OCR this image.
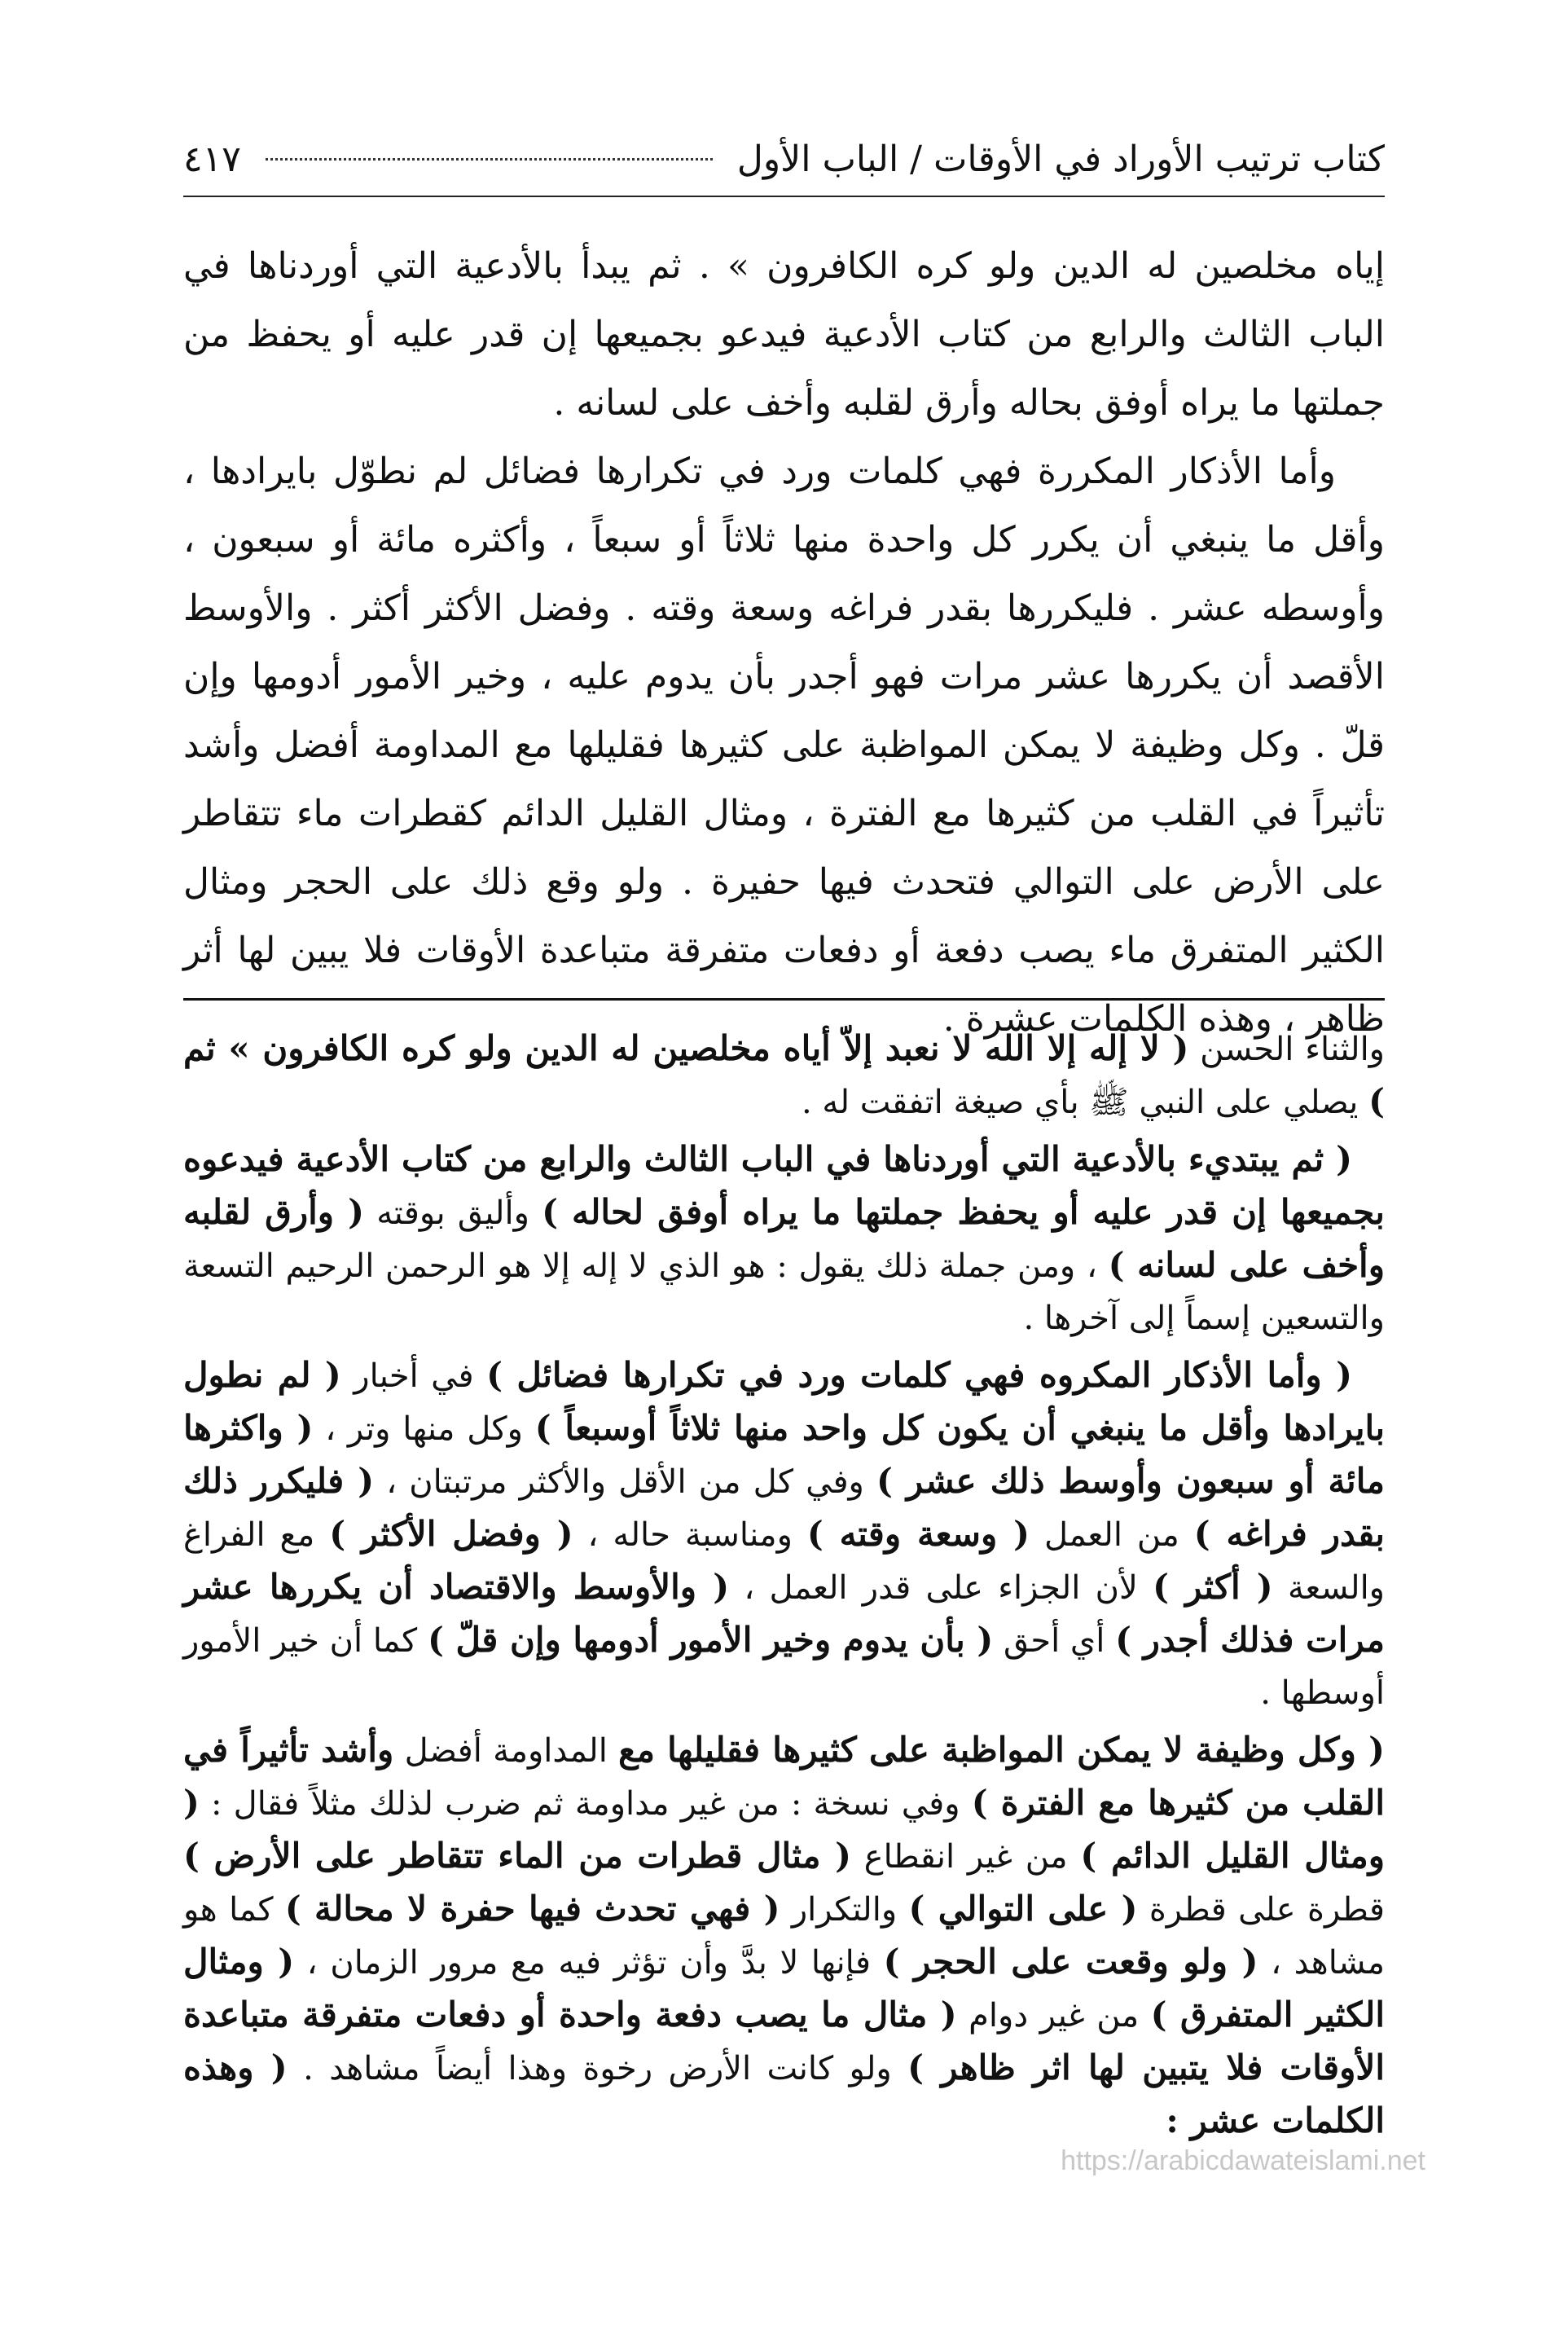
كتاب ترتيب الأوراد في الأوقات / الباب الأول
٤١٧

إياه مخلصين له الدين ولو كره الكافرون » . ثم يبدأ بالأدعية التي أوردناها في الباب الثالث والرابع من كتاب الأدعية فيدعو بجميعها إن قدر عليه أو يحفظ من جملتها ما يراه أوفق بحاله وأرق لقلبه وأخف على لسانه .

وأما الأذكار المكررة فهي كلمات ورد في تكرارها فضائل لم نطوّل بايرادها ، وأقل ما ينبغي أن يكرر كل واحدة منها ثلاثاً أو سبعاً ، وأكثره مائة أو سبعون ، وأوسطه عشر . فليكررها بقدر فراغه وسعة وقته . وفضل الأكثر أكثر . والأوسط الأقصد أن يكررها عشر مرات فهو أجدر بأن يدوم عليه ، وخير الأمور أدومها وإن قلّ . وكل وظيفة لا يمكن المواظبة على كثيرها فقليلها مع المداومة أفضل وأشد تأثيراً في القلب من كثيرها مع الفترة ، ومثال القليل الدائم كقطرات ماء تتقاطر على الأرض على التوالي فتحدث فيها حفيرة . ولو وقع ذلك على الحجر ومثال الكثير المتفرق ماء يصب دفعة أو دفعات متفرقة متباعدة الأوقات فلا يبين لها أثر ظاهر ، وهذه الكلمات عشرة .

والثناء الحسن ( لا إله إلا الله لا نعبد إلاّ أياه مخلصين له الدين ولو كره الكافرون » ثم ) يصلي على النبي ﷺ بأي صيغة اتفقت له .

( ثم يبتديء بالأدعية التي أوردناها في الباب الثالث والرابع من كتاب الأدعية فيدعوه بجميعها إن قدر عليه أو يحفظ جملتها ما يراه أوفق لحاله ) وأليق بوقته ( وأرق لقلبه وأخف على لسانه ) ، ومن جملة ذلك يقول : هو الذي لا إله إلا هو الرحمن الرحيم التسعة والتسعين إسماً إلى آخرها .

( وأما الأذكار المكروه فهي كلمات ورد في تكرارها فضائل ) في أخبار ( لم نطول بايرادها وأقل ما ينبغي أن يكون كل واحد منها ثلاثاً أوسبعاً ) وكل منها وتر ، ( واكثرها مائة أو سبعون وأوسط ذلك عشر ) وفي كل من الأقل والأكثر مرتبتان ، ( فليكرر ذلك بقدر فراغه ) من العمل ( وسعة وقته ) ومناسبة حاله ، ( وفضل الأكثر ) مع الفراغ والسعة ( أكثر ) لأن الجزاء على قدر العمل ، ( والأوسط والاقتصاد أن يكررها عشر مرات فذلك أجدر ) أي أحق ( بأن يدوم وخير الأمور أدومها وإن قلّ ) كما أن خير الأمور أوسطها .

( وكل وظيفة لا يمكن المواظبة على كثيرها فقليلها مع المداومة أفضل وأشد تأثيراً في القلب من كثيرها مع الفترة ) وفي نسخة : من غير مداومة ثم ضرب لذلك مثلاً فقال : ( ومثال القليل الدائم ) من غير انقطاع ( مثال قطرات من الماء تتقاطر على الأرض ) قطرة على قطرة ( على التوالي ) والتكرار ( فهي تحدث فيها حفرة لا محالة ) كما هو مشاهد ، ( ولو وقعت على الحجر ) فإنها لا بدَّ وأن تؤثر فيه مع مرور الزمان ، ( ومثال الكثير المتفرق ) من غير دوام ( مثال ما يصب دفعة واحدة أو دفعات متفرقة متباعدة الأوقات فلا يتبين لها اثر ظاهر ) ولو كانت الأرض رخوة وهذا أيضاً مشاهد . ( وهذه الكلمات عشر :

https://arabicdawateislami.net
